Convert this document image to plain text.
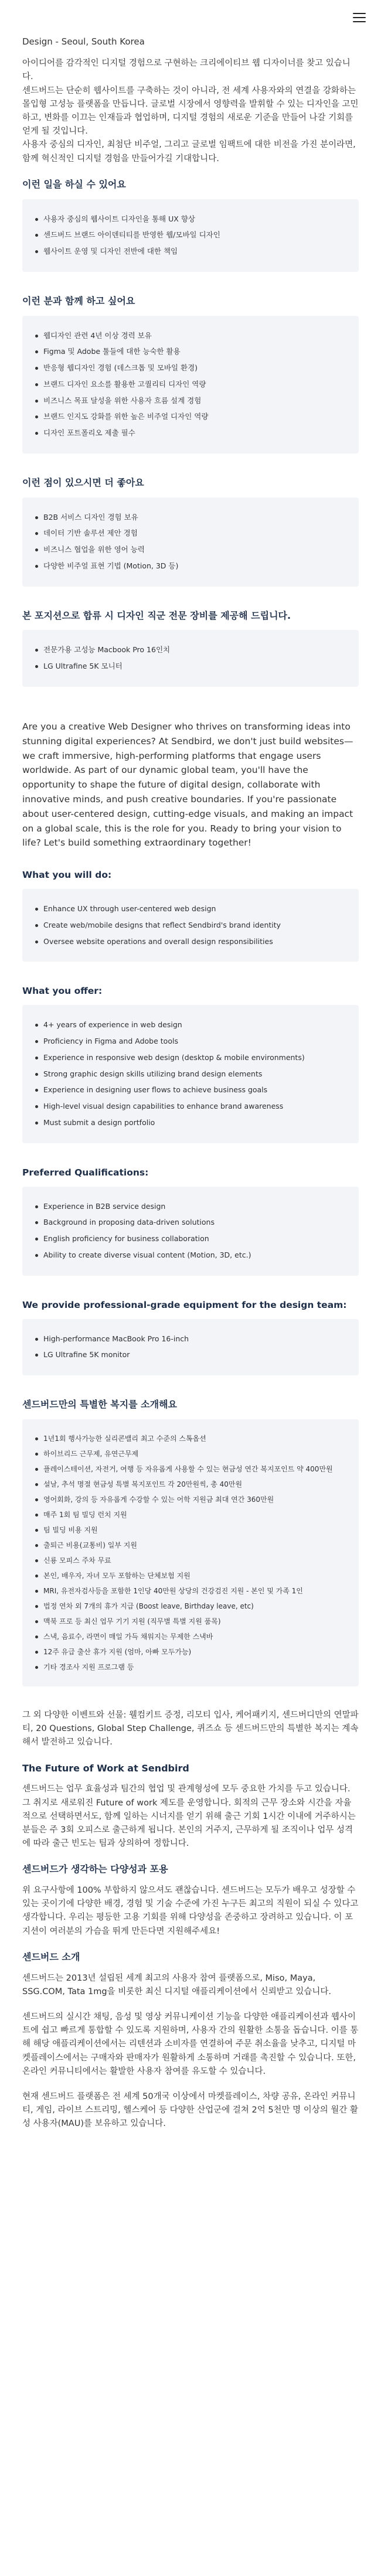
Design - Seoul, South Korea
아이디어를 감각적인 디지털 경험으로 구현하는 크리에이티브 웹 디자이너를 찾고 있습니다.
센드버드는 단순히 웹사이트를 구축하는 것이 아니라, 전 세계 사용자와의 연결을 강화하는 몰입형 고성능 플랫폼을 만듭니다. 글로벌 시장에서 영향력을 발휘할 수 있는 디자인을 고민하고, 변화를 이끄는 인재들과 협업하며, 디지털 경험의 새로운 기준을 만들어 나갈 기회를 얻게 될 것입니다.
사용자 중심의 디자인, 최첨단 비주얼, 그리고 글로벌 임팩트에 대한 비전을 가진 분이라면, 함께 혁신적인 디지털 경험을 만들어가길 기대합니다.
이런 일을 하실 수 있어요
사용자 중심의 웹사이트 디자인을 통해 UX 향상
센드버드 브랜드 아이덴티티를 반영한 웹/모바일 디자인
웹사이트 운영 및 디자인 전반에 대한 책임
이런 분과 함께 하고 싶어요
웹디자인 관련 4년 이상 경력 보유
Figma 및 Adobe 툴들에 대한 능숙한 활용
반응형 웹디자인 경험 (데스크톱 및 모바일 환경)
브랜드 디자인 요소를 활용한 고퀄리티 디자인 역량
비즈니스 목표 달성을 위한 사용자 흐름 설계 경험
브랜드 인지도 강화를 위한 높은 비주얼 디자인 역량
디자인 포트폴리오 제출 필수
이런 점이 있으시면 더 좋아요
B2B 서비스 디자인 경험 보유
데이터 기반 솔루션 제안 경험
비즈니스 협업을 위한 영어 능력
다양한 비주얼 표현 기법 (Motion, 3D 등)
본 포지션으로 합류 시 디자인 직군 전문 장비를 제공해 드립니다.
전문가용 고성능 Macbook Pro 16인치
LG Ultrafine 5K 모니터
Are you a creative Web Designer who thrives on transforming ideas into stunning digital experiences? At Sendbird, we don't just build websites—we craft immersive, high-performing platforms that engage users worldwide. As part of our dynamic global team, you'll have the opportunity to shape the future of digital design, collaborate with innovative minds, and push creative boundaries. If you're passionate about user-centered design, cutting-edge visuals, and making an impact on a global scale, this is the role for you. Ready to bring your vision to life? Let's build something extraordinary together!
What you will do:
Enhance UX through user-centered web design
Create web/mobile designs that reflect Sendbird's brand identity
Oversee website operations and overall design responsibilities
What you offer:
4+ years of experience in web design
Proficiency in Figma and Adobe tools
Experience in responsive web design (desktop & mobile environments)
Strong graphic design skills utilizing brand design elements
Experience in designing user flows to achieve business goals
High-level visual design capabilities to enhance brand awareness
Must submit a design portfolio
Preferred Qualifications:
Experience in B2B service design
Background in proposing data-driven solutions
English proficiency for business collaboration
Ability to create diverse visual content (Motion, 3D, etc.)
We provide professional-grade equipment for the design team:
High-performance MacBook Pro 16-inch
LG Ultrafine 5K monitor
센드버드만의 특별한 복지를 소개해요
1년1회 행사가능한 실리콘밸리 최고 수준의 스톡옵션
하이브리드 근무제, 유연근무제
플레이스테이션, 자전거, 여행 등 자유롭게 사용할 수 있는 현금성 연간 복지포인트 약 400만원
설날, 추석 명절 현금성 특별 복지포인트 각 20만원씩, 총 40만원
영어회화, 강의 등 자유롭게 수강할 수 있는 어학 지원금 최대 연간 360만원
매주 1회 팀 빌딩 런치 지원
팀 빌딩 비용 지원
출퇴근 비용(교통비) 일부 지원
신룡 모피스 주차 무료
본인, 배우자, 자녀 모두 포함하는 단체보험 지원
MRI, 유전자검사등을 포함한 1인당 40만원 상당의 건강검진 지원 - 본인 및 가족 1인
법정 연차 외 7개의 휴가 지급 (Boost leave, Birthday leave, etc)
맥북 프로 등 최신 업무 기기 지원 (직무별 특별 지원 품목)
스낵, 음료수, 라면이 매일 가득 채워지는 무제한 스낵바
12주 유급 출산 휴가 지원 (엄마, 아빠 모두가능)
기타 경조사 지원 프로그램 등
그 외 다양한 이벤트와 선물: 웰컴키트 증정, 리모티 입사, 케어패키지, 센드버디만의 연말파티, 20 Questions, Global Step Challenge, 퀴즈쇼 등 센드버드만의 특별한 복지는 계속해서 발전하고 있습니다.
The Future of Work at Sendbird
센드버드는 업무 효율성과 팀간의 협업 및 관계형성에 모두 중요한 가치를 두고 있습니다. 그 취지로 새로워진 Future of work 제도를 운영합니다. 회적의 근무 장소와 시간을 자율적으로 선택하면서도, 함께 일하는 시너지를 얻기 위해 출근 기회 1시간 이내에 거주하시는 분들은 주 3회 오피스로 출근하게 됩니다. 본인의 거주지, 근무하게 될 조직이나 업무 성격에 따라 출근 빈도는 팀과 상의하여 정합니다.
센드버드가 생각하는 다양성과 포용
위 요구사항에 100% 부합하지 않으셔도 괜찮습니다. 센드버드는 모두가 배우고 성장할 수 있는 곳이기에 다양한 배경, 경험 및 기술 수준에 가진 누구든 최고의 직원이 되실 수 있다고 생각합니다. 우리는 평등한 고용 기회를 위해 다양성을 존중하고 장려하고 있습니다. 이 포지션이 여러분의 가슴을 뛰게 만든다면 지원해주세요!
센드버드 소개
센드버드는 2013년 설립된 세계 최고의 사용자 참여 플랫폼으로, Miso, Maya, SSG.COM, Tata 1mg을 비롯한 최신 디지털 애플리케이션에서 신뢰받고 있습니다.
센드버드의 실시간 채팅, 음성 및 영상 커뮤니케이션 기능을 다양한 애플리케이션과 웹사이트에 쉽고 빠르게 통합할 수 있도록 지원하며, 사용자 간의 원활한 소통을 돕습니다. 이를 통해 해당 애플리케이션에서는 리텐션과 소비자를 연결하여 주문 취소율을 낮추고, 디지털 마켓플레이스에서는 구매자와 판매자가 원활하게 소통하며 거래를 촉진할 수 있습니다. 또한, 온라인 커뮤니티에서는 활발한 사용자 참여를 유도할 수 있습니다.
현재 센드버드 플랫폼은 전 세계 50개국 이상에서 마켓플레이스, 차량 공유, 온라인 커뮤니티, 게임, 라이브 스트리밍, 헬스케어 등 다양한 산업군에 걸쳐 2억 5천만 명 이상의 월간 활성 사용자(MAU)를 보유하고 있습니다.
